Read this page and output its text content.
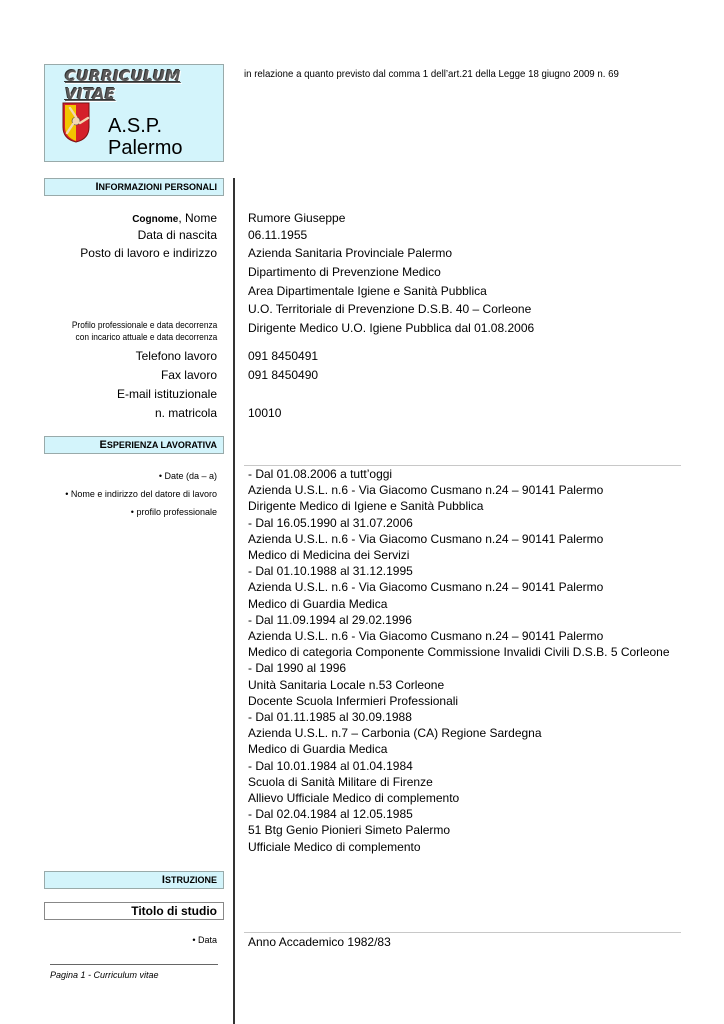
CURRICULUM VITAE
A.S.P.
Palermo
in relazione a quanto previsto dal comma 1 dell’art.21 della Legge 18 giugno 2009 n. 69
INFORMAZIONI PERSONALI
Cognome, Nome	Rumore Giuseppe
Data di nascita	06.11.1955
Posto di lavoro e indirizzo	Azienda Sanitaria Provinciale Palermo
Dipartimento di Prevenzione Medico
Area Dipartimentale Igiene e Sanità Pubblica
U.O. Territoriale di Prevenzione D.S.B. 40 – Corleone
Profilo professionale e data decorrenza
con incarico attuale e data decorrenza
Dirigente Medico U.O. Igiene Pubblica dal 01.08.2006
Telefono lavoro	091 8450491
Fax lavoro	091 8450490
E-mail istituzionale
n. matricola	10010
ESPERIENZA LAVORATIVA
• Date (da – a)
• Nome e indirizzo del datore di lavoro
• profilo professionale
- Dal 01.08.2006 a tutt’oggi
Azienda U.S.L. n.6 - Via Giacomo Cusmano n.24 – 90141 Palermo
Dirigente Medico di Igiene e Sanità Pubblica
- Dal 16.05.1990 al 31.07.2006
Azienda U.S.L. n.6 - Via Giacomo Cusmano n.24 – 90141 Palermo
Medico di Medicina dei Servizi
- Dal 01.10.1988 al 31.12.1995
Azienda U.S.L. n.6 - Via Giacomo Cusmano n.24 – 90141 Palermo
Medico di Guardia Medica
- Dal 11.09.1994 al 29.02.1996
Azienda U.S.L. n.6 - Via Giacomo Cusmano n.24 – 90141 Palermo
Medico di categoria Componente Commissione Invalidi Civili D.S.B. 5 Corleone
- Dal 1990 al 1996
Unità Sanitaria Locale n.53 Corleone
Docente Scuola Infermieri Professionali
- Dal 01.11.1985 al 30.09.1988
Azienda U.S.L. n.7 – Carbonia (CA) Regione Sardegna
Medico di Guardia Medica
- Dal 10.01.1984 al 01.04.1984
Scuola di Sanità Militare di Firenze
Allievo Ufficiale Medico di complemento
- Dal 02.04.1984 al 12.05.1985
51 Btg Genio Pionieri Simeto Palermo
Ufficiale Medico di complemento
ISTRUZIONE
Titolo di studio
• Data	Anno Accademico 1982/83
Pagina 1 - Curriculum vitae
